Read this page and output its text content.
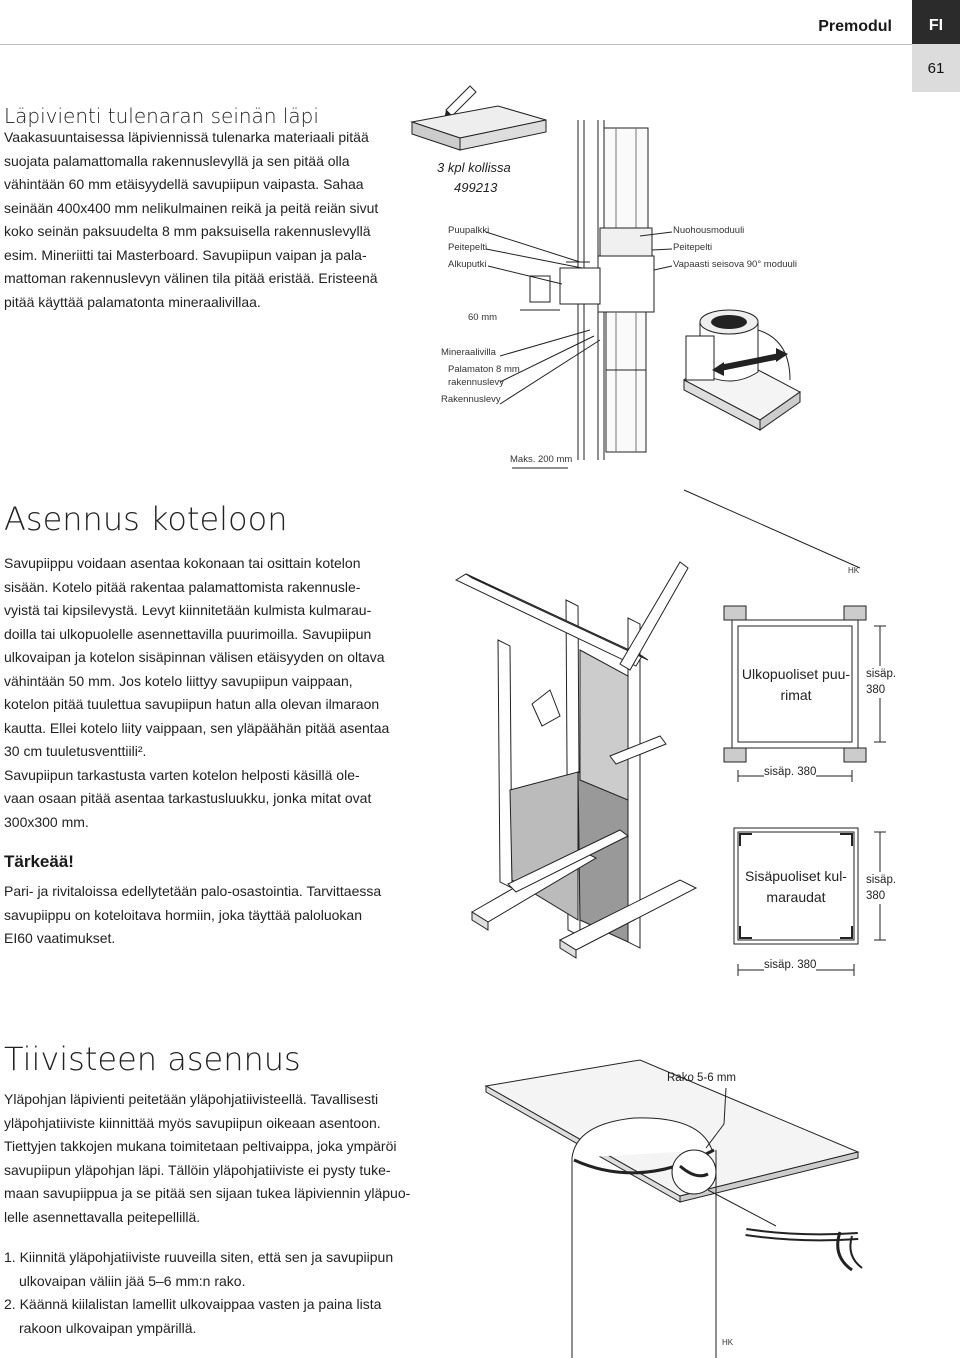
Premodul	FI
61
Läpivienti tulenaran seinän läpi
Vaakasuuntaisessa läpiviennissä tulenarka materiaali pitää
suojata palamattomalla rakennuslevyllä ja sen pitää olla
vähintään 60 mm etäisyydellä savupiipun vaipasta. Sahaa
seinään 400x400 mm nelikulmainen reikä ja peitä reiän sivut
koko seinän paksuudelta 8 mm paksuisella rakennuslevyllä
esim. Mineriitti tai Masterboard. Savupiipun vaipan ja pala-
mattoman rakennuslevyn välinen tila pitää eristää. Eristeenä
pitää käyttää palamatonta mineraalivillaa.
3 kpl kollissa
499213
Puupalkki
Peitepelti
Alkuputki
60 mm
Nuohousmoduuli
Peitepelti
Vapaasti seisova 90° moduuli
Mineraalivilla
Palamaton 8 mm
rakennuslevy
Rakennuslevy
Maks. 200 mm
Asennus koteloon
Savupiippu voidaan asentaa kokonaan tai osittain kotelon
sisään. Kotelo pitää rakentaa palamattomista rakennusle-
vyistä tai kipsilevystä. Levyt kiinnitetään kulmista kulmarau-
doilla tai ulkopuolelle asennettavilla puurimoilla. Savupiipun
ulkovaipan ja kotelon sisäpinnan välisen etäisyyden on oltava
vähintään 50 mm. Jos kotelo liittyy savupiipun vaippaan,
kotelon pitää tuulettua savupiipun hatun alla olevan ilmaraon
kautta. Ellei kotelo liity vaippaan, sen yläpäähän pitää asentaa
30 cm tuuletusventtiili².
Savupiipun tarkastusta varten kotelon helposti käsillä ole-
vaan osaan pitää asentaa tarkastusluukku, jonka mitat ovat
300x300 mm.
Tärkeää!
Pari- ja rivitaloissa edellytetään palo-osastointia. Tarvittaessa
savupiippu on koteloitava hormiin, joka täyttää paloluokan
EI60 vaatimukset.
HK
Ulkopuoliset puu-
rimat
sisäp.
380
sisäp. 380
Sisäpuoliset kul-
maraudat
sisäp.
380
sisäp. 380
Tiivisteen asennus
Yläpohjan läpivienti peitetään yläpohjatiivisteellä. Tavallisesti
yläpohjatiiviste kiinnittää myös savupiipun oikeaan asentoon.
Tiettyjen takkojen mukana toimitetaan peltivaippa, joka ympäröi
savupiipun yläpohjan läpi. Tällöin yläpohjatiiviste ei pysty tuke-
maan savupiippua ja se pitää sen sijaan tukea läpiviennin yläpuo-
lelle asennettavalla peitepellillä.
1. Kiinnitä yläpohjatiiviste ruuveilla siten, että sen ja savupiipun
ulkovaipan väliin jää 5–6 mm:n rako.
2. Käännä kiilalistan lamellit ulkovaippaa vasten ja paina lista
rakoon ulkovaipan ympärillä.
Rako 5-6 mm
HK
